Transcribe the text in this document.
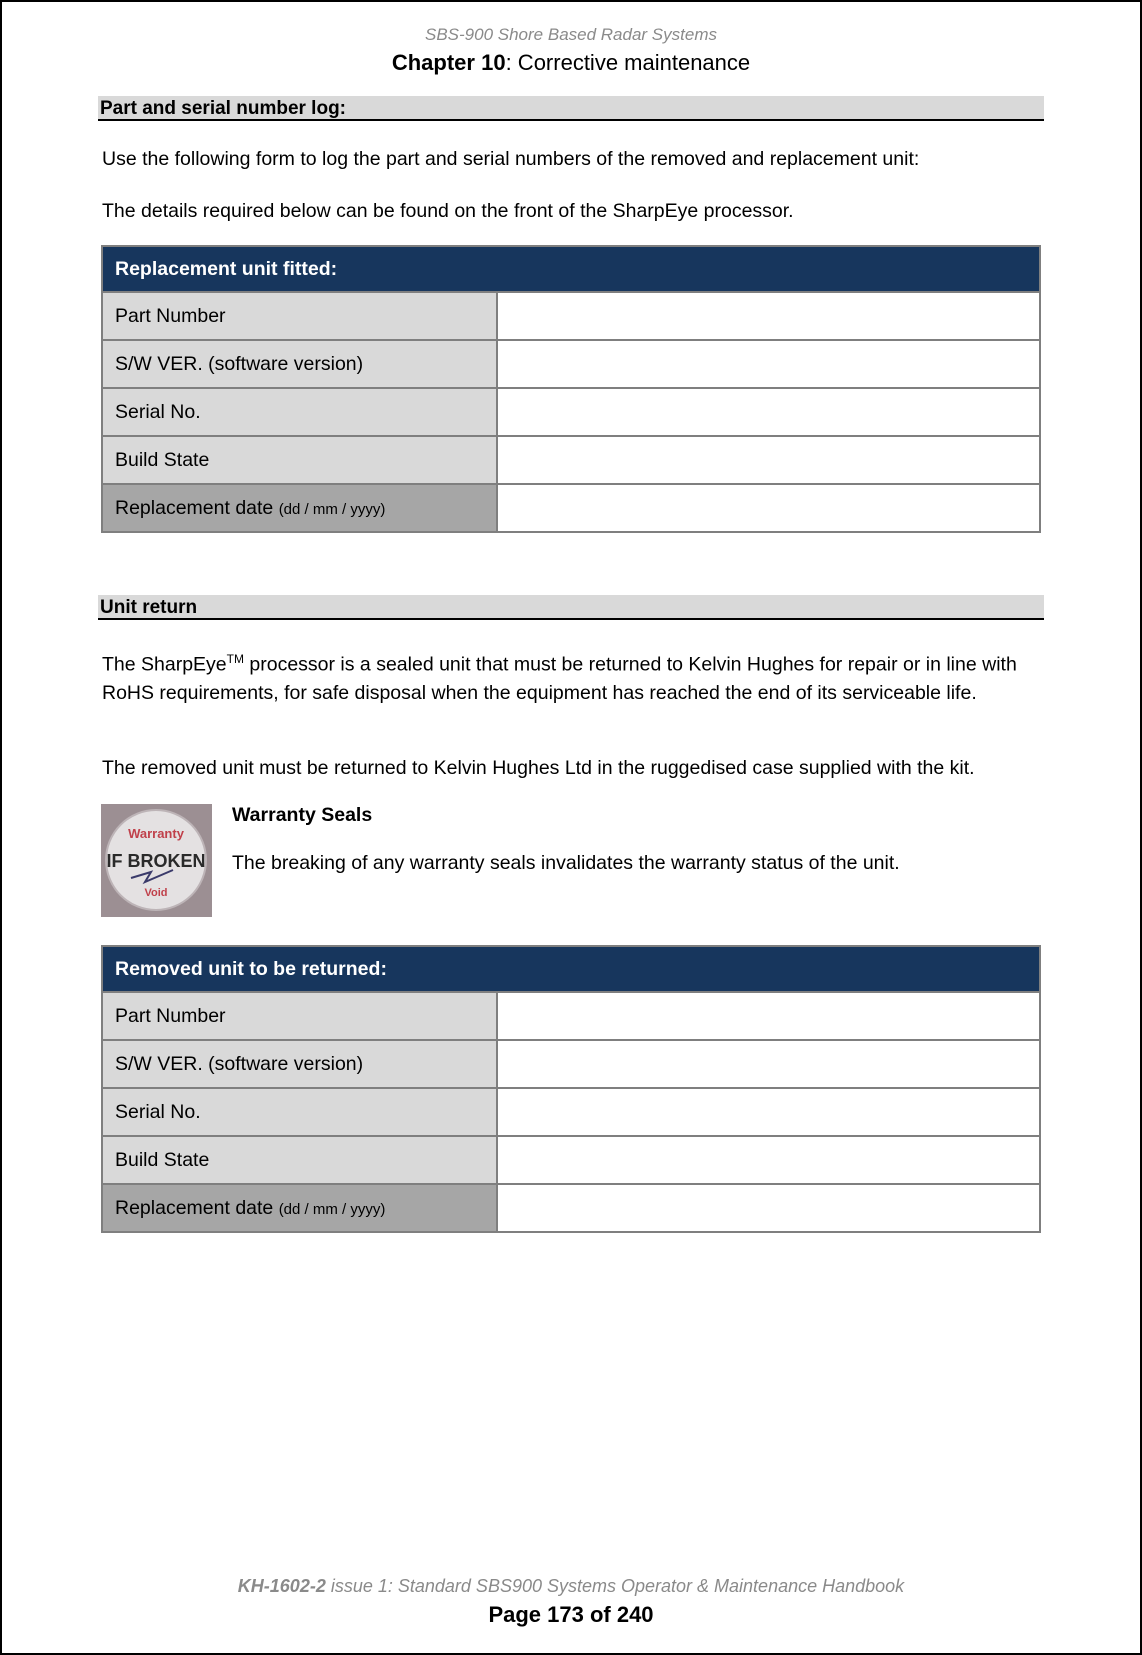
SBS-900 Shore Based Radar Systems
Chapter 10: Corrective maintenance
Part and serial number log:
Use the following form to log the part and serial numbers of the removed and replacement unit:
The details required below can be found on the front of the SharpEye processor.
Replacement unit fitted:	
Part Number	
S/W VER. (software version)	
Serial No.	
Build State	
Replacement date (dd / mm / yyyy)	
Unit return
The SharpEye™ processor is a sealed unit that must be returned to Kelvin Hughes for repair or in line with RoHS requirements, for safe disposal when the equipment has reached the end of its serviceable life.
The removed unit must be returned to Kelvin Hughes Ltd in the ruggedised case supplied with the kit.
Warranty
IF BROKEN
Void
Warranty Seals
The breaking of any warranty seals invalidates the warranty status of the unit.
Removed unit to be returned:	
Part Number	
S/W VER. (software version)	
Serial No.	
Build State	
Replacement date (dd / mm / yyyy)	
KH-1602-2 issue 1: Standard SBS900 Systems Operator & Maintenance Handbook
Page 173 of 240
